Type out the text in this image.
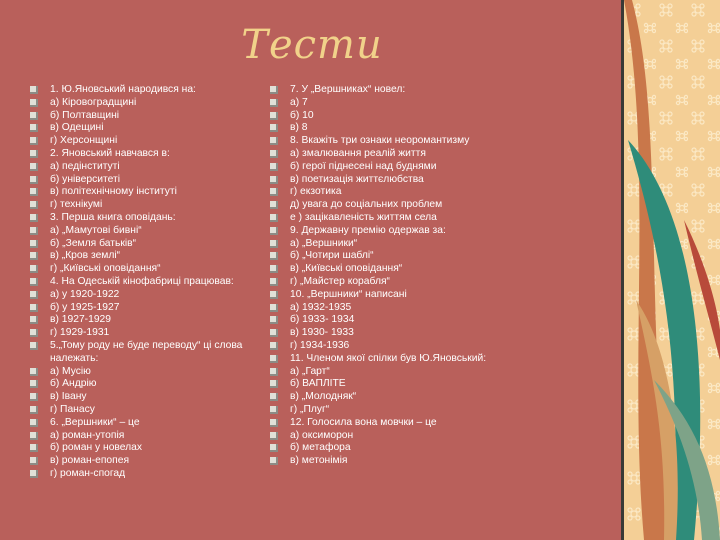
Тести
1. Ю.Яновський народився на:
а) Кіровоградщині
б) Полтавщині
в) Одещині
г) Херсонщині
2. Яновський навчався в:
а) педінституті
б) університеті
в) політехнічному інституті
г) технікумі
3. Перша книга оповідань:
а) „Мамутові бивні“
б) „Земля батьків“
в) „Кров землі“
г) „Київські оповідання“
4. На Одеській кінофабриці працював:
а) у 1920-1922
б) у 1925-1927
в) 1927-1929
г) 1929-1931
5.„Тому роду не буде переводу“ ці слова належать:
а) Мусію
б) Андрію
в) Івану
г) Панасу
6. „Вершники“ – це
а) роман-утопія
б) роман у новелах
в) роман-епопея
г) роман-спогад
7. У „Вершниках“ новел:
а) 7
б) 10
в) 8
8. Вкажіть три ознаки неоромантизму
а) змалювання реалій життя
б) герої піднесені над буднями
в) поетизація життєлюбства
г) екзотика
д) увага до соціальних проблем
е ) зацікавленість життям села
9. Державну премію одержав за:
а) „Вершники“
б) „Чотири шаблі“
в) „Київські оповідання“
г) „Майстер корабля“
10. „Вершники“ написані
а) 1932-1935
б) 1933- 1934
в) 1930- 1933
г) 1934-1936
11. Членом якої спілки був Ю.Яновський:
а) „Гарт“
б) ВАПЛІТЕ
в) „Молодняк“
г) „Плуг“
12. Голосила вона мовчки – це
а) оксиморон
б) метафора
в) метонімія
